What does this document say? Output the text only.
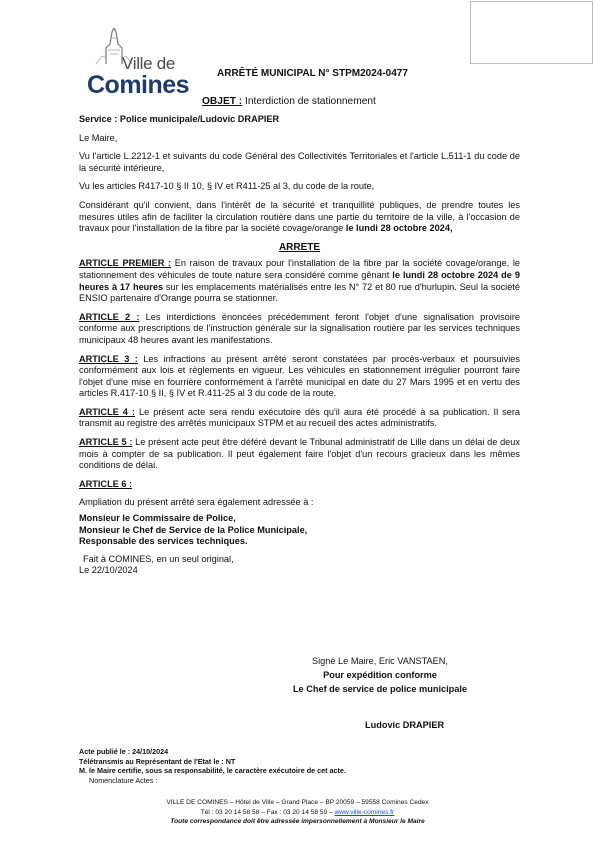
Ville de
Comines	ARRÊTÉ MUNICIPAL N° STPM2024-0477
OBJET : Interdiction de stationnement

Service : Police municipale/Ludovic DRAPIER

Le Maire,

Vu l'article L.2212-1 et suivants du code Général des Collectivités Territoriales et l'article L.511-1 du code de la sécurité intérieure,

Vu les articles R417-10 § II 10, § IV et R411-25 al 3, du code de la route,

Considérant qu'il convient, dans l'intérêt de la sécurité et tranquillité publiques, de prendre toutes les mesures utiles afin de faciliter la circulation routière dans une partie du territoire de la ville, à l'occasion de travaux pour l'installation de la fibre par la société covage/orange le lundi 28 octobre 2024,

ARRETE

ARTICLE PREMIER : En raison de travaux pour l'installation de la fibre par la société covage/orange, le stationnement des véhicules de toute nature sera considéré comme gênant le lundi 28 octobre 2024 de 9 heures à 17 heures sur les emplacements matérialisés entre les N° 72 et 80 rue d'hurlupin. Seul la société ENSIO partenaire d'Orange pourra se stationner.

ARTICLE 2 : Les interdictions énoncées précédemment feront l'objet d'une signalisation provisoire conforme aux prescriptions de l'instruction générale sur la signalisation routière par les services techniques municipaux 48 heures avant les manifestations.

ARTICLE 3 : Les infractions au présent arrêté seront constatées par procès-verbaux et poursuivies conformément aux lois et règlements en vigueur. Les véhicules en stationnement irrégulier pourront faire l'objet d'une mise en fourrière conformément à l'arrêté municipal en date du 27 Mars 1995 et en vertu des articles R.417-10 § II, § IV et R.411-25 al 3 du code de la route.

ARTICLE 4 : Le présent acte sera rendu exécutoire dès qu'il aura été procédé à sa publication. Il sera transmit au registre des arrêtés municipaux STPM et au recueil des actes administratifs.

ARTICLE 5 : Le présent acte peut être déféré devant le Tribunal administratif de Lille dans un délai de deux mois à compter de sa publication. Il peut également faire l'objet d'un recours gracieux dans les mêmes conditions de délai.

ARTICLE 6 :

Ampliation du présent arrêté sera également adressée à :

Monsieur le Commissaire de Police,
Monsieur le Chef de Service de la Police Municipale,
Responsable des services techniques.
Fait à COMINES, en un seul original,
Le 22/10/2024
Signé Le Maire, Eric VANSTAEN,
Pour expédition conforme
Le Chef de service de police municipale
Ludovic DRAPIER
Acte publié le : 24/10/2024
Télétransmis au Représentant de l'Etat le : NT
M. le Maire certifie, sous sa responsabilité, le caractère exécutoire de cet acte.
Nomenclature Actes :
VILLE DE COMINES – Hôtel de Ville – Grand Place – BP 20059 – 59558 Comines Cedex
Tél : 03 20 14 58 58 – Fax : 03 20 14 58 59 – www.ville-comines.fr
Toute correspondance doit être adressée impersonnellement à Monsieur le Maire
